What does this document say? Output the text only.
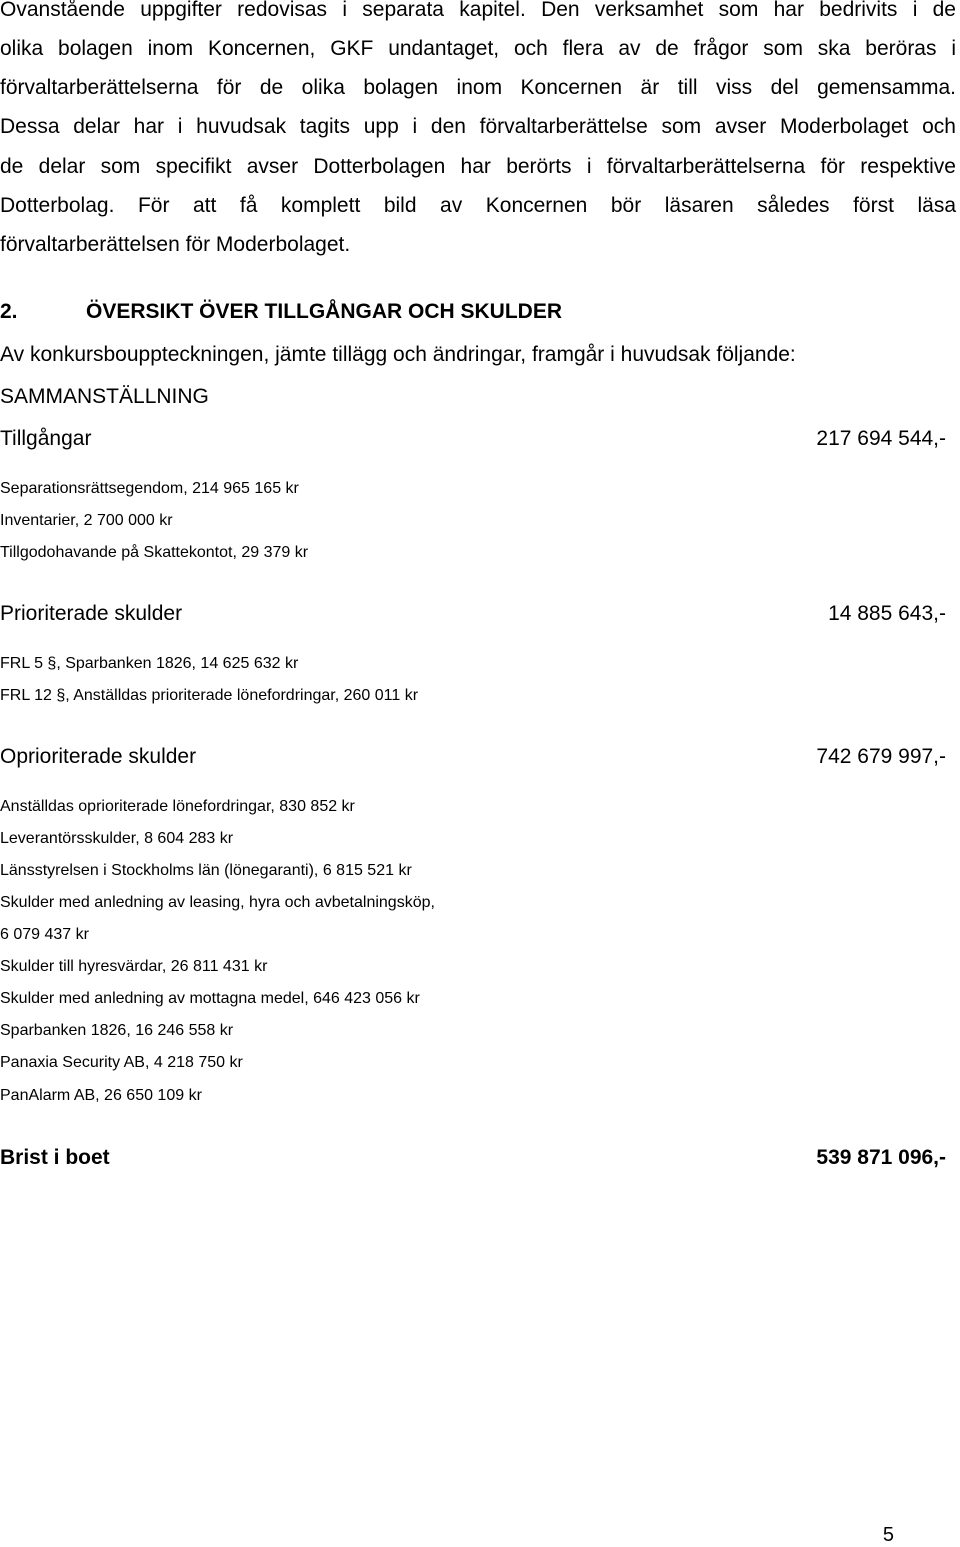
Ovanstående uppgifter redovisas i separata kapitel. Den verksamhet som har bedrivits i de
olika bolagen inom Koncernen, GKF undantaget, och flera av de frågor som ska beröras i
förvaltarberättelserna för de olika bolagen inom Koncernen är till viss del gemensamma.
Dessa delar har i huvudsak tagits upp i den förvaltarberättelse som avser Moderbolaget och
de delar som specifikt avser Dotterbolagen har berörts i förvaltarberättelserna för respektive
Dotterbolag. För att få komplett bild av Koncernen bör läsaren således först läsa
förvaltarberättelsen för Moderbolaget.
2.	ÖVERSIKT ÖVER TILLGÅNGAR OCH SKULDER
Av konkursbouppteckningen, jämte tillägg och ändringar, framgår i huvudsak följande:
SAMMANSTÄLLNING
Tillgångar	217 694 544,-
Separationsrättsegendom, 214 965 165 kr
Inventarier, 2 700 000 kr
Tillgodohavande på Skattekontot, 29 379 kr
Prioriterade skulder	14 885 643,-
FRL 5 §, Sparbanken 1826, 14 625 632 kr
FRL 12 §, Anställdas prioriterade lönefordringar, 260 011 kr
Oprioriterade skulder	742 679 997,-
Anställdas oprioriterade lönefordringar, 830 852 kr
Leverantörsskulder, 8 604 283 kr
Länsstyrelsen i Stockholms län (lönegaranti), 6 815 521 kr
Skulder med anledning av leasing, hyra och avbetalningsköp,
6 079 437 kr
Skulder till hyresvärdar, 26 811 431 kr
Skulder med anledning av mottagna medel, 646 423 056 kr
Sparbanken 1826, 16 246 558 kr
Panaxia Security AB, 4 218 750 kr
PanAlarm AB, 26 650 109 kr
Brist i boet	539 871 096,-
5
